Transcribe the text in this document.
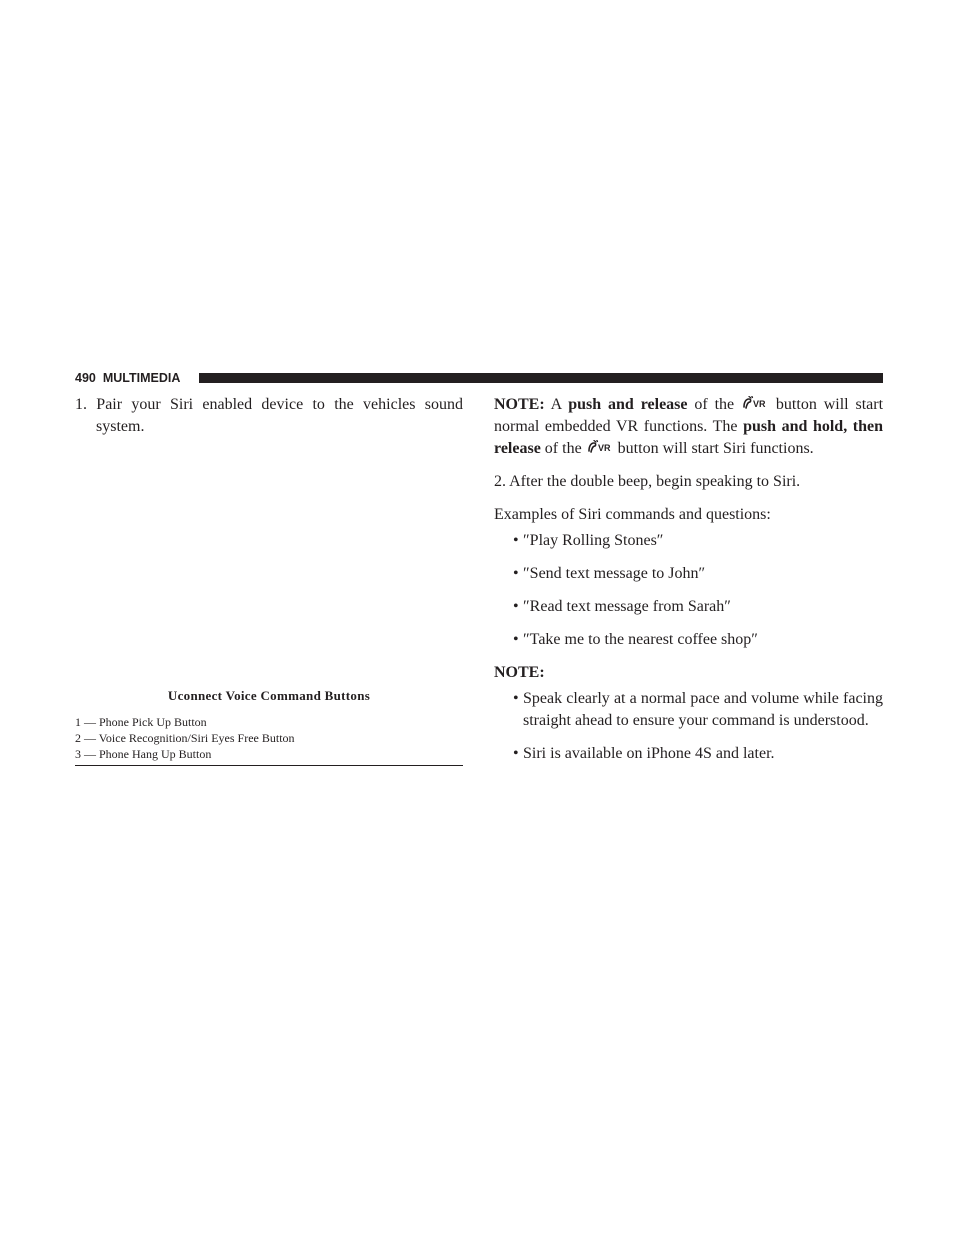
490 MULTIMEDIA

1. Pair your Siri enabled device to the vehicles sound system.

Uconnect Voice Command Buttons

1 — Phone Pick Up Button
2 — Voice Recognition/Siri Eyes Free Button
3 — Phone Hang Up Button

NOTE: A push and release of the VR button will start normal embedded VR functions. The push and hold, then release of the VR button will start Siri functions.

2. After the double beep, begin speaking to Siri.

Examples of Siri commands and questions:

• ″Play Rolling Stones″
• ″Send text message to John″
• ″Read text message from Sarah″
• ″Take me to the nearest coffee shop″

NOTE:

• Speak clearly at a normal pace and volume while facing straight ahead to ensure your command is understood.
• Siri is available on iPhone 4S and later.
